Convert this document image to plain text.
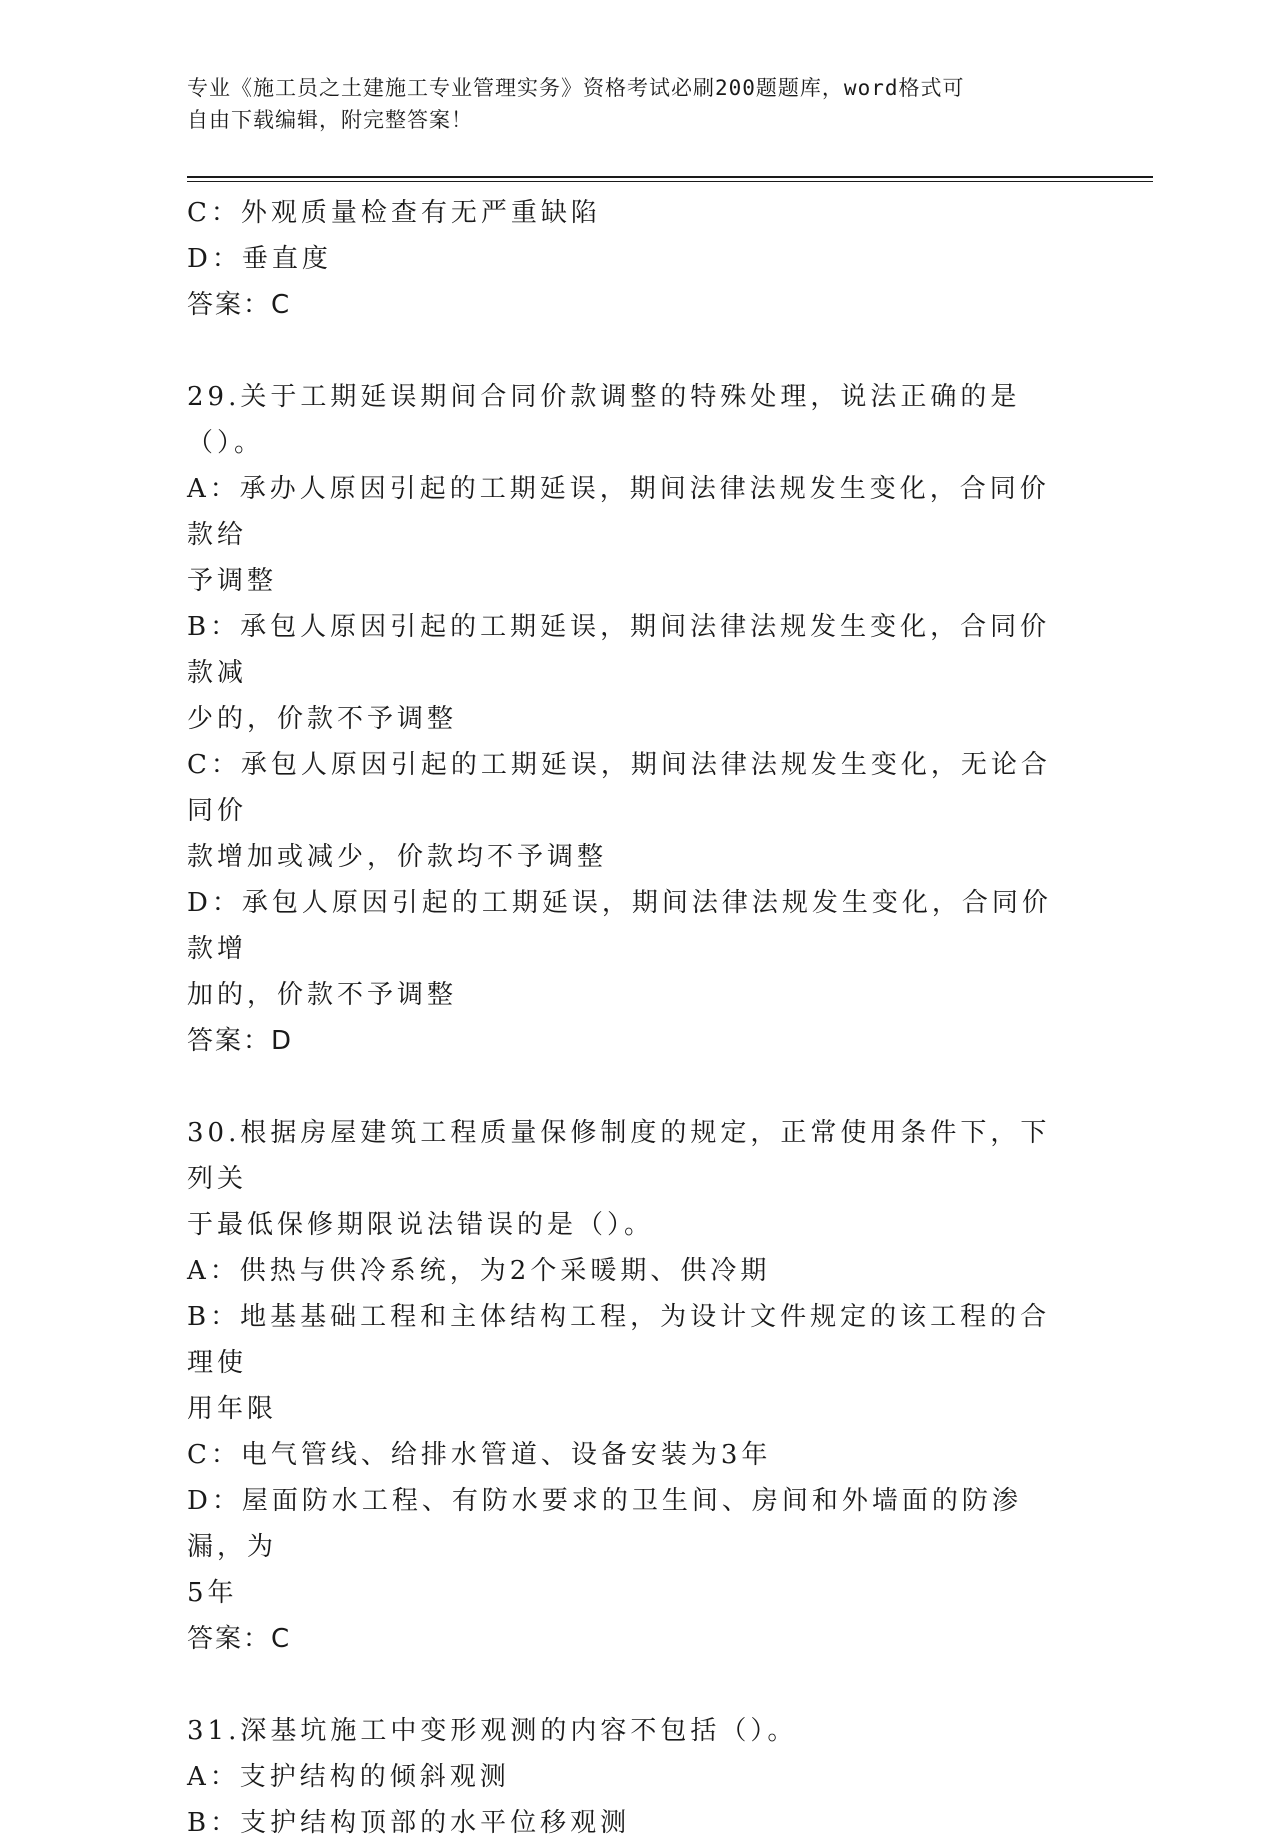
专业《施工员之土建施工专业管理实务》资格考试必刷200题题库，word格式可
自由下载编辑，附完整答案！
C：外观质量检查有无严重缺陷
D：垂直度
答案：C
29.关于工期延误期间合同价款调整的特殊处理，说法正确的是（）。
A：承办人原因引起的工期延误，期间法律法规发生变化，合同价款给
予调整
B：承包人原因引起的工期延误，期间法律法规发生变化，合同价款减
少的，价款不予调整
C：承包人原因引起的工期延误，期间法律法规发生变化，无论合同价
款增加或减少，价款均不予调整
D：承包人原因引起的工期延误，期间法律法规发生变化，合同价款增
加的，价款不予调整
答案：D
30.根据房屋建筑工程质量保修制度的规定，正常使用条件下，下列关
于最低保修期限说法错误的是（）。
A：供热与供冷系统，为2个采暖期、供冷期
B：地基基础工程和主体结构工程，为设计文件规定的该工程的合理使
用年限
C：电气管线、给排水管道、设备安装为3年
D：屋面防水工程、有防水要求的卫生间、房间和外墙面的防渗漏，为
5年
答案：C
31.深基坑施工中变形观测的内容不包括（）。
A：支护结构的倾斜观测
B：支护结构顶部的水平位移观测
